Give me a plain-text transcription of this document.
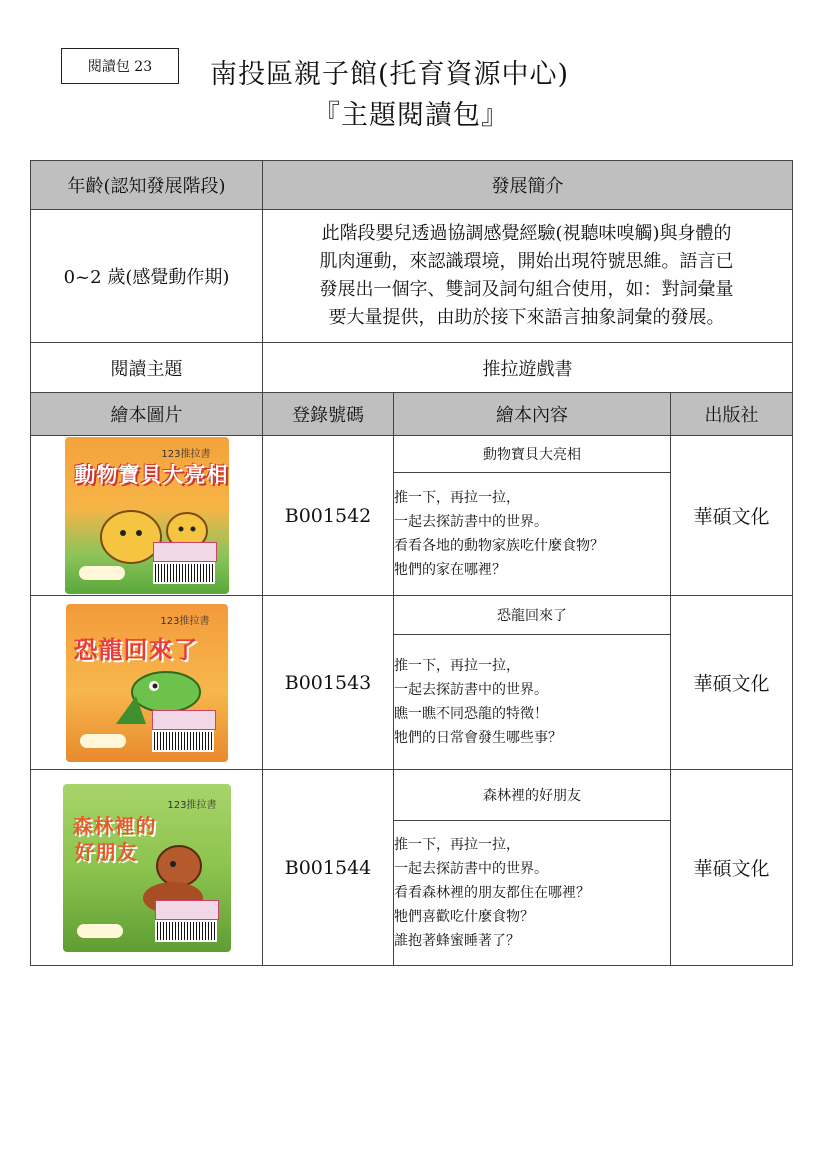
閱讀包 23	南投區親子館(托育資源中心)
『主題閱讀包』
年齡(認知發展階段)	發展簡介		
0~2 歲(感覺動作期)	此階段嬰兒透過協調感覺經驗(視聽味嗅觸)與身體的
肌肉運動，來認識環境，開始出現符號思維。語言已
發展出一個字、雙詞及詞句組合使用，如：對詞彙量
要大量提供，由助於接下來語言抽象詞彙的發展。		

閱讀主題	推拉遊戲書		
繪本圖片	登錄號碼	繪本內容	出版社

123推拉書
動物寶貝大亮相	B001542	動物寶貝大亮相	華碩文化

		推一下，再拉一拉，
一起去探訪書中的世界。
看看各地的動物家族吃什麼食物？
牠們的家在哪裡？	

123推拉書
恐龍回來了	B001543	恐龍回來了	華碩文化

		推一下，再拉一拉，
一起去探訪書中的世界。
瞧一瞧不同恐龍的特徵！
牠們的日常會發生哪些事？	

123推拉書
森林裡的
好朋友	B001544	森林裡的好朋友	華碩文化

		推一下，再拉一拉，
一起去探訪書中的世界。
看看森林裡的朋友都住在哪裡？
牠們喜歡吃什麼食物？
誰抱著蜂蜜睡著了？	
